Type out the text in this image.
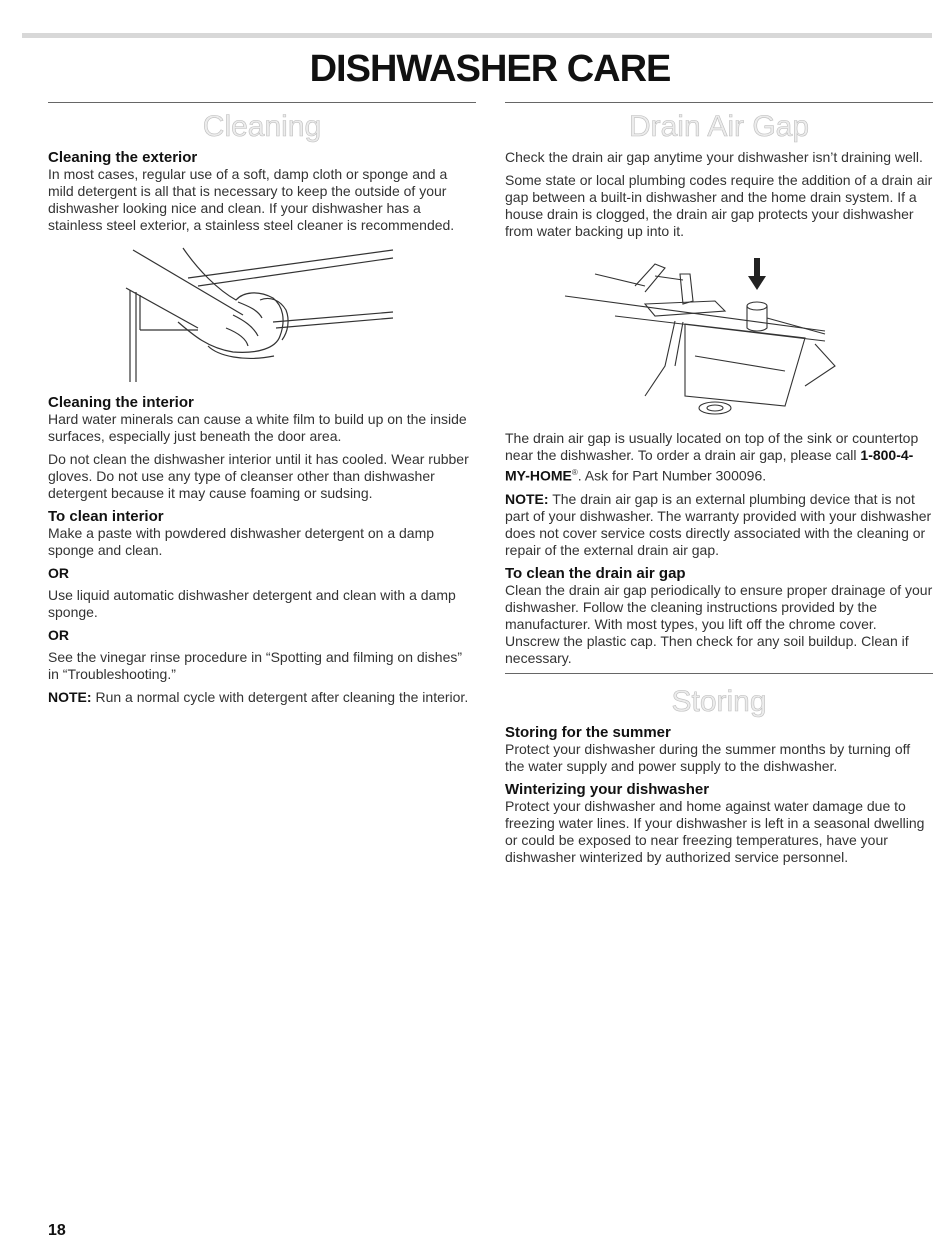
DISHWASHER CARE
Cleaning
Cleaning the exterior

In most cases, regular use of a soft, damp cloth or sponge and a mild detergent is all that is necessary to keep the outside of your dishwasher looking nice and clean. If your dishwasher has a stainless steel exterior, a stainless steel cleaner is recommended.

Cleaning the interior

Hard water minerals can cause a white film to build up on the inside surfaces, especially just beneath the door area.

Do not clean the dishwasher interior until it has cooled. Wear rubber gloves. Do not use any type of cleanser other than dishwasher detergent because it may cause foaming or sudsing.

To clean interior

Make a paste with powdered dishwasher detergent on a damp sponge and clean.

OR

Use liquid automatic dishwasher detergent and clean with a damp sponge.

OR

See the vinegar rinse procedure in “Spotting and filming on dishes” in “Troubleshooting.”

NOTE: Run a normal cycle with detergent after cleaning the interior.

Drain Air Gap

Check the drain air gap anytime your dishwasher isn’t draining well.

Some state or local plumbing codes require the addition of a drain air gap between a built-in dishwasher and the home drain system. If a house drain is clogged, the drain air gap protects your dishwasher from water backing up into it.

The drain air gap is usually located on top of the sink or countertop near the dishwasher. To order a drain air gap, please call 1-800-4-MY-HOME®. Ask for Part Number 300096.

NOTE: The drain air gap is an external plumbing device that is not part of your dishwasher. The warranty provided with your dishwasher does not cover service costs directly associated with the cleaning or repair of the external drain air gap.

To clean the drain air gap

Clean the drain air gap periodically to ensure proper drainage of your dishwasher. Follow the cleaning instructions provided by the manufacturer. With most types, you lift off the chrome cover. Unscrew the plastic cap. Then check for any soil buildup. Clean if necessary.

Storing
Storing for the summer

Protect your dishwasher during the summer months by turning off the water supply and power supply to the dishwasher.

Winterizing your dishwasher

Protect your dishwasher and home against water damage due to freezing water lines. If your dishwasher is left in a seasonal dwelling or could be exposed to near freezing temperatures, have your dishwasher winterized by authorized service personnel.

18
